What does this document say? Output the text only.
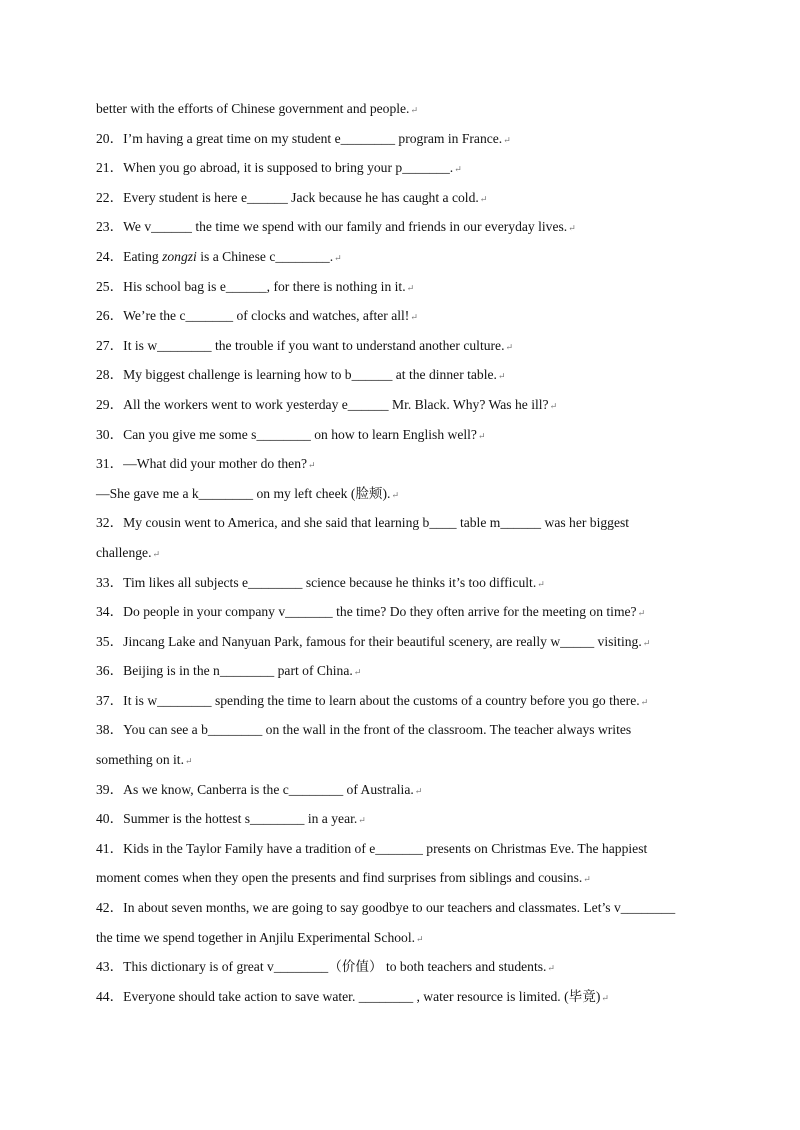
better with the efforts of Chinese government and people.↵
20．I’m having a great time on my student e________ program in France.↵
21．When you go abroad, it is supposed to bring your p_______.↵
22．Every student is here e______ Jack because he has caught a cold.↵
23．We v______ the time we spend with our family and friends in our everyday lives.↵
24．Eating zongzi is a Chinese c________.↵
25．His school bag is e______, for there is nothing in it.↵
26．We’re the c_______ of clocks and watches, after all!↵
27．It is w________ the trouble if you want to understand another culture.↵
28．My biggest challenge is learning how to b______ at the dinner table.↵
29．All the workers went to work yesterday e______ Mr. Black. Why? Was he ill?↵
30．Can you give me some s________ on how to learn English well?↵
31．—What did your mother do then?↵
—She gave me a k________ on my left cheek (脸颊).↵
32．My cousin went to America, and she said that learning b____ table m______ was her biggest
challenge.↵
33．Tim likes all subjects e________ science because he thinks it’s too difficult.↵
34．Do people in your company v_______ the time? Do they often arrive for the meeting on time?↵
35．Jincang Lake and Nanyuan Park, famous for their beautiful scenery, are really w_____ visiting.↵
36．Beijing is in the n________ part of China.↵
37．It is w________ spending the time to learn about the customs of a country before you go there.↵
38．You can see a b________ on the wall in the front of the classroom. The teacher always writes
something on it.↵
39．As we know, Canberra is the c________ of Australia.↵
40．Summer is the hottest s________ in a year.↵
41．Kids in the Taylor Family have a tradition of e_______ presents on Christmas Eve. The happiest
moment comes when they open the presents and find surprises from siblings and cousins.↵
42．In about seven months, we are going to say goodbye to our teachers and classmates. Let’s v________
the time we spend together in Anjilu Experimental School.↵
43．This dictionary is of great v________（价值） to both teachers and students.↵
44．Everyone should take action to save water. ________ , water resource is limited. (毕竟)↵
